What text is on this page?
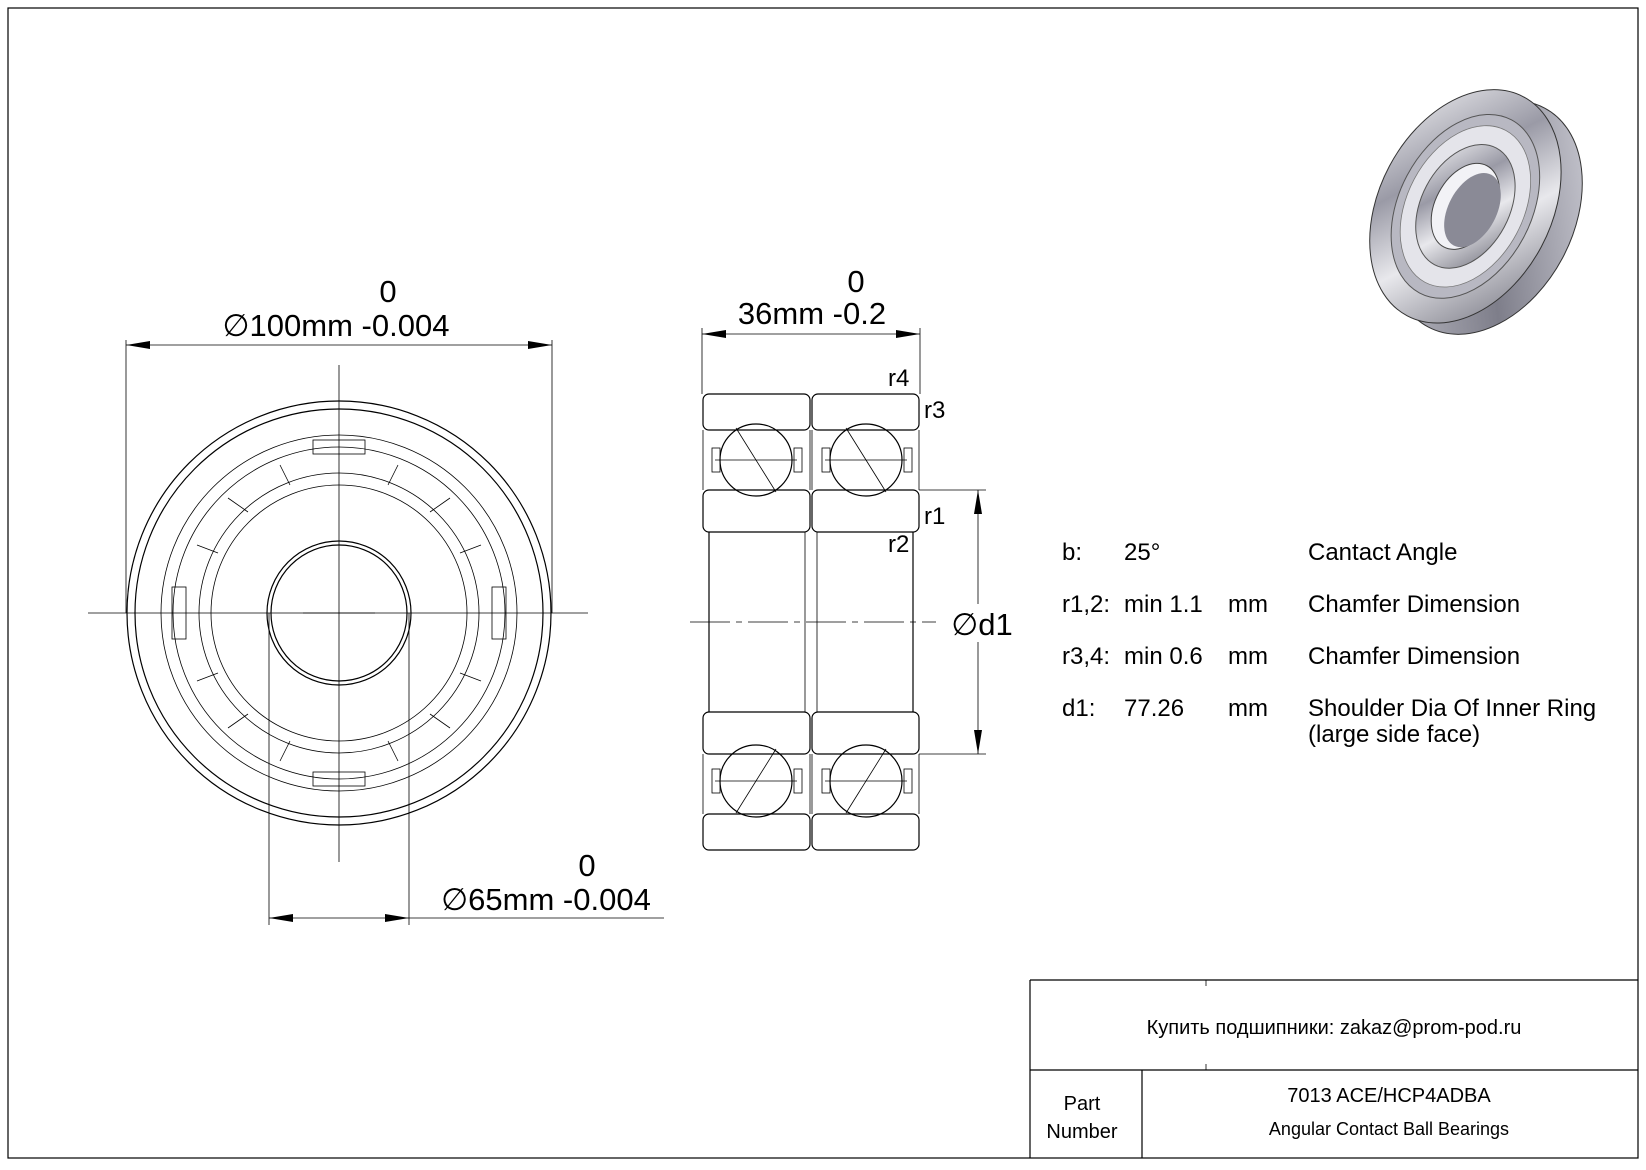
0
∅100mm -0.004
0
∅65mm -0.004
0
36mm -0.2
∅d1
r4
r3
r1
r2	b: 25°	Cantact Angle
r1,2: min 1.1 mm Chamfer Dimension
r3,4: min 0.6 mm Chamfer Dimension
d1: 77.26 mm Shoulder Dia Of Inner Ring
(large side face)
Купить подшипники: zakaz@prom-pod.ru
Part
Number
7013 ACE/HCP4ADBA
Angular Contact Ball Bearings
